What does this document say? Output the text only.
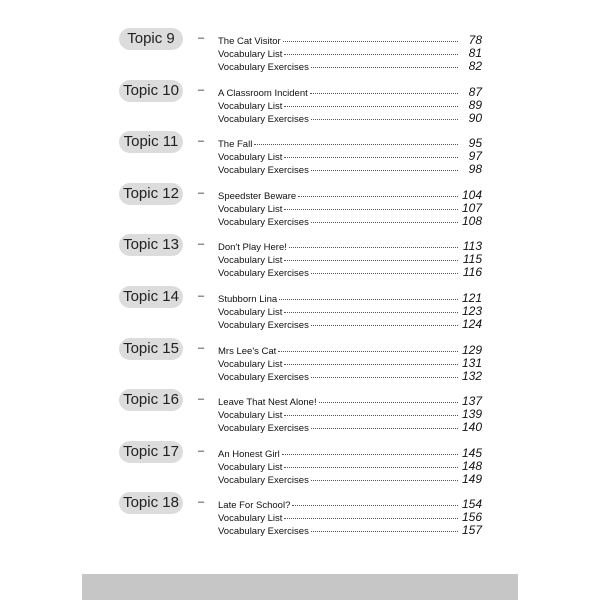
Topic 9	– The Cat Visitor	78
Vocabulary List	81
Vocabulary Exercises	82
Topic 10	– A Classroom Incident	87
Vocabulary List	89
Vocabulary Exercises	90
Topic 11	– The Fall	95
Vocabulary List	97
Vocabulary Exercises	98
Topic 12	– Speedster Beware	104
Vocabulary List	107
Vocabulary Exercises	108
Topic 13	– Don't Play Here!	113
Vocabulary List	115
Vocabulary Exercises	116
Topic 14	– Stubborn Lina	121
Vocabulary List	123
Vocabulary Exercises	124
Topic 15	– Mrs Lee's Cat	129
Vocabulary List	131
Vocabulary Exercises	132
Topic 16	– Leave That Nest Alone!	137
Vocabulary List	139
Vocabulary Exercises	140
Topic 17	– An Honest Girl	145
Vocabulary List	148
Vocabulary Exercises	149
Topic 18	– Late For School?	154
Vocabulary List	156
Vocabulary Exercises	157
